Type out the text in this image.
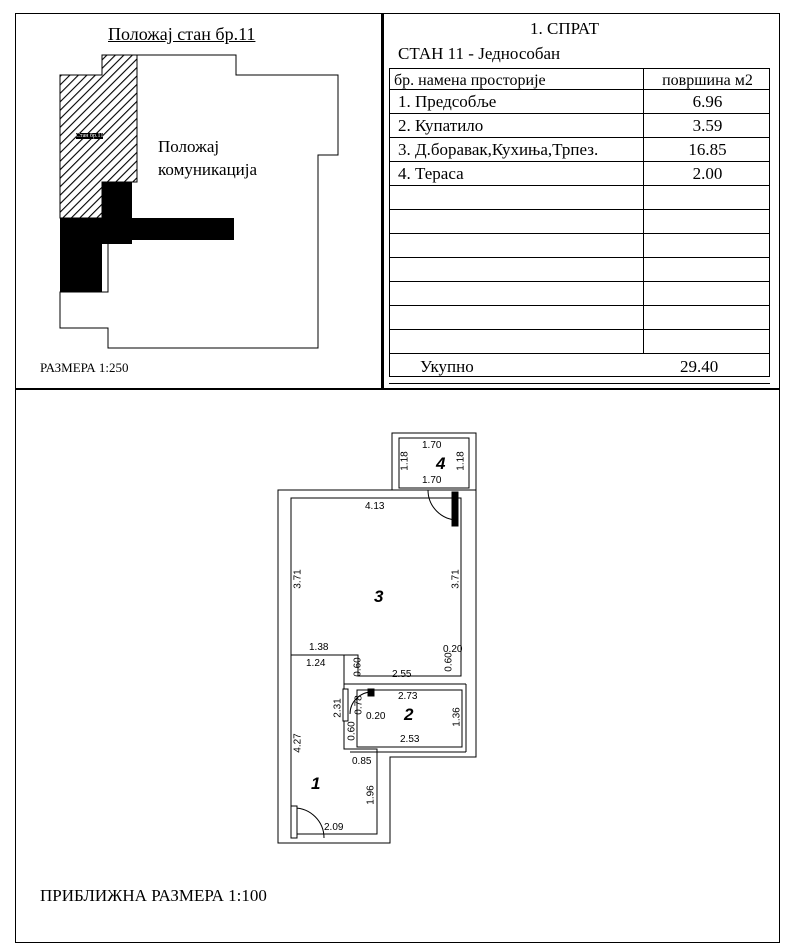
Положај стан бр.11
Стан бр.11
Положај
комуникација
РАЗМЕРА 1:250
1. СПРАТ
СТАН 11 - Једнособан
бр. намена просторије	површина м2
1. Предсобље	6.96
2. Купатило	3.59
3. Д.боравак,Кухиња,Трпез.	16.85
4. Тераса	2.00
Укупно	29.40
1.70
1.70
1.18	1.18
4
4.13
3.71	3.71
3
1.38	0.20
1.24	0.60	2.55
0.60
2.73
2.31 0.78
0.20 2	1.36
0.60	2.53
4.27
0.85
1
1.96
2.09
ПРИБЛИЖНА РАЗМЕРА 1:100
